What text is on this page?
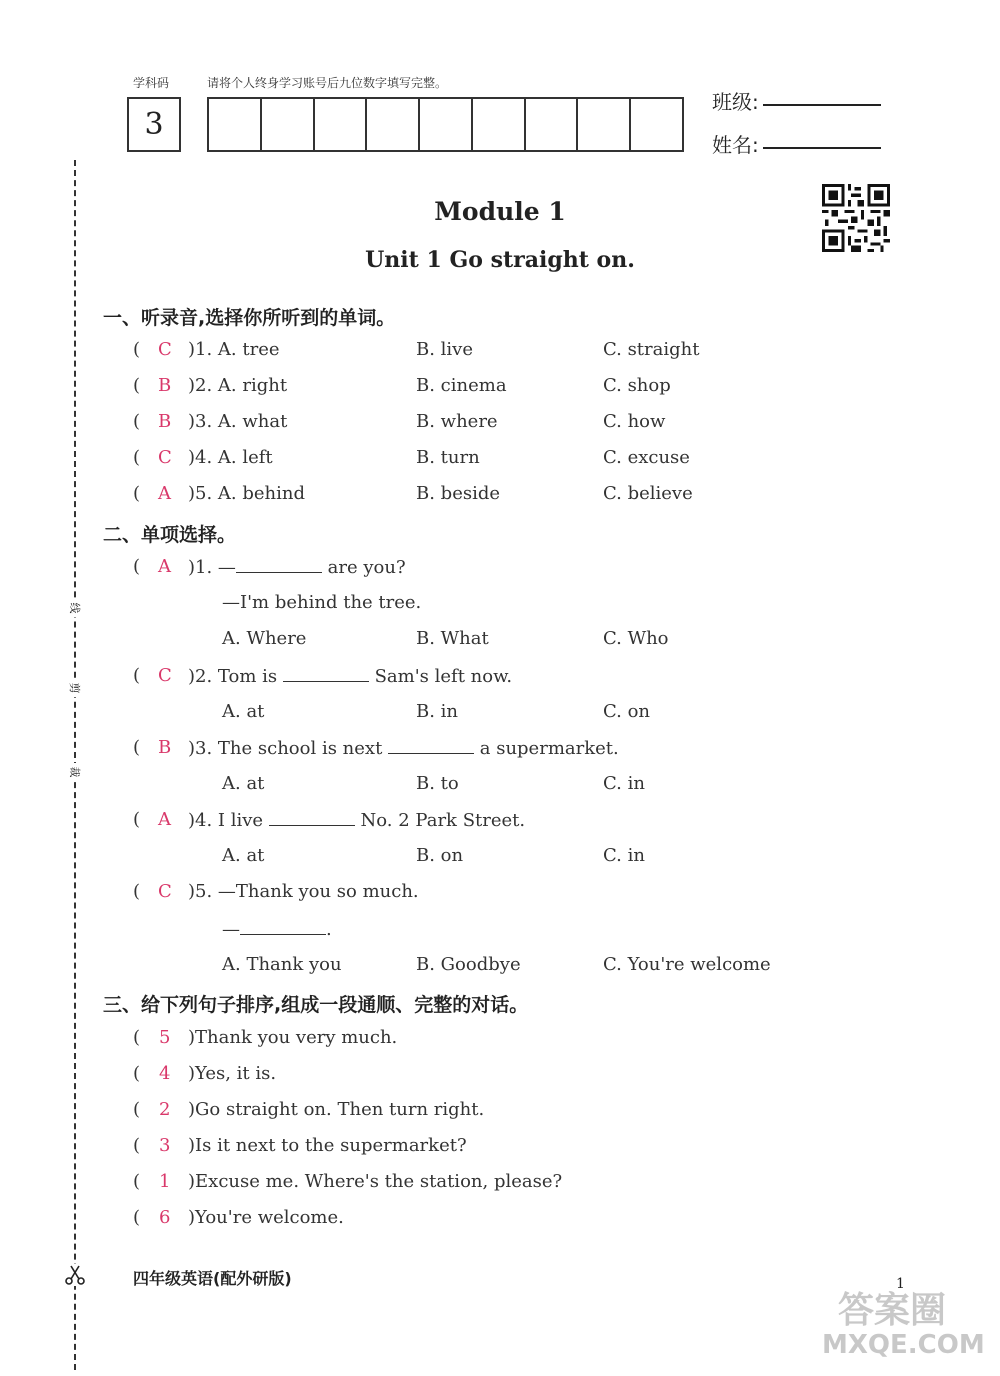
学科码	请将个人终身学习账号后九位数字填写完整。
3
班级:
姓名:
线
剪
裁
Module 1
Unit 1 Go straight on.
一、听录音,选择你所听到的单词。
( C )1. A. tree	B. live	C. straight
( B )2. A. right	B. cinema	C. shop
( B )3. A. what	B. where	C. how
( C )4. A. left	B. turn	C. excuse
( A )5. A. behind	B. beside	C. believe
二、单项选择。
( A )1. —	are you?
—I'm behind the tree.
A. Where	B. What	C. Who
( C )2. Tom is	Sam's left now.
A. at	B. in	C. on
( B )3. The school is next	a supermarket.
A. at	B. to	C. in
( A )4. I live	No. 2 Park Street.
A. at	B. on	C. in
( C )5. —Thank you so much.
—	.
A. Thank you	B. Goodbye	C. You're welcome
三、给下列句子排序,组成一段通顺、完整的对话。
( 5 )Thank you very much.
( 4 )Yes, it is.
( 2 )Go straight on. Then turn right.
( 3 )Is it next to the supermarket?
( 1 )Excuse me. Where's the station, please?
( 6 )You're welcome.
四年级英语(配外研版)	1
答案圈
MXQE.COM
